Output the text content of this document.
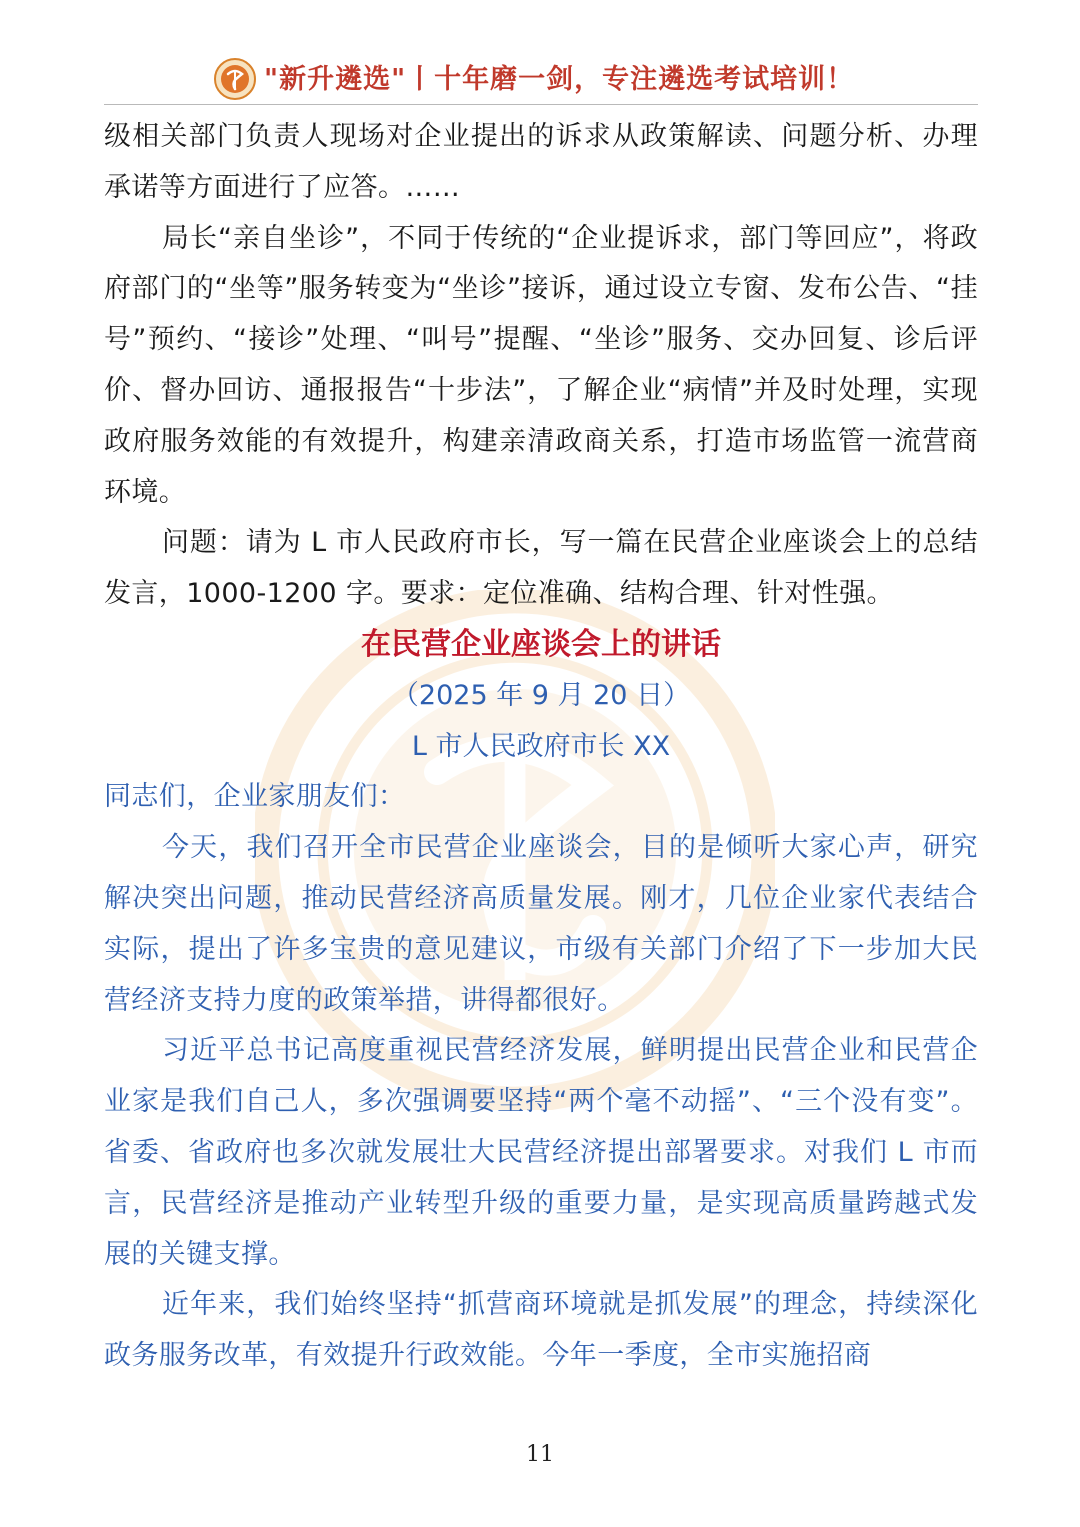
"新升遴选"丨十年磨一剑，专注遴选考试培训！

级相关部门负责人现场对企业提出的诉求从政策解读、问题分析、办理承诺等方面进行了应答。……

局长“亲自坐诊”，不同于传统的“企业提诉求，部门等回应”，将政府部门的“坐等”服务转变为“坐诊”接诉，通过设立专窗、发布公告、“挂号”预约、“接诊”处理、“叫号”提醒、“坐诊”服务、交办回复、诊后评价、督办回访、通报报告“十步法”，了解企业“病情”并及时处理，实现政府服务效能的有效提升，构建亲清政商关系，打造市场监管一流营商环境。

问题：请为 L 市人民政府市长，写一篇在民营企业座谈会上的总结发言，1000-1200 字。要求：定位准确、结构合理、针对性强。

在民营企业座谈会上的讲话

（2025 年 9 月 20 日）

L 市人民政府市长 XX

同志们，企业家朋友们：

今天，我们召开全市民营企业座谈会，目的是倾听大家心声，研究解决突出问题，推动民营经济高质量发展。刚才，几位企业家代表结合实际，提出了许多宝贵的意见建议，市级有关部门介绍了下一步加大民营经济支持力度的政策举措，讲得都很好。

习近平总书记高度重视民营经济发展，鲜明提出民营企业和民营企业家是我们自己人，多次强调要坚持“两个毫不动摇”、“三个没有变”。省委、省政府也多次就发展壮大民营经济提出部署要求。对我们 L 市而言，民营经济是推动产业转型升级的重要力量，是实现高质量跨越式发展的关键支撑。

近年来，我们始终坚持“抓营商环境就是抓发展”的理念，持续深化政务服务改革，有效提升行政效能。今年一季度，全市实施招商

11
